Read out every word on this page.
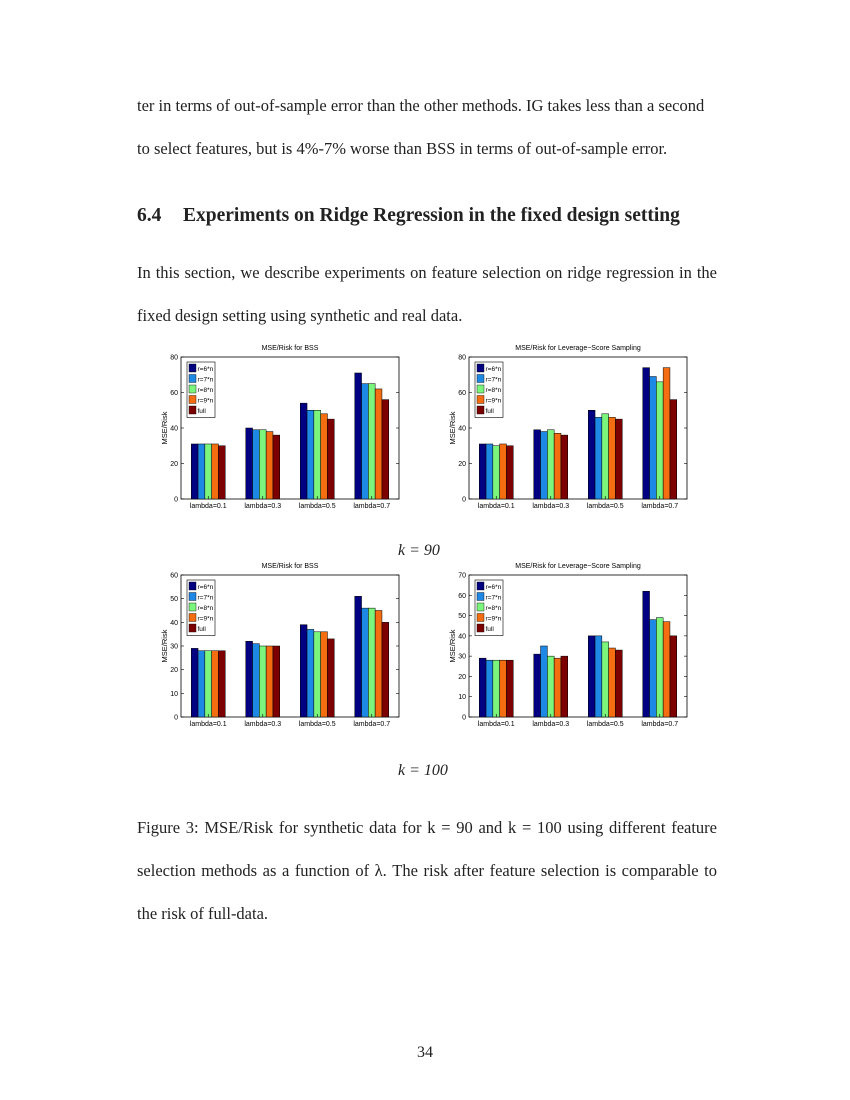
ter in terms of out-of-sample error than the other methods. IG takes less than a second
to select features, but is 4%-7% worse than BSS in terms of out-of-sample error.

6.4 Experiments on Ridge Regression in the fixed design setting

In this section, we describe experiments on feature selection on ridge regression in the fixed design setting using synthetic and real data.

MSE/Risk for BSS
MSE/Risk
0
20
40
60
80
lambda=0.1	lambda=0.3	lambda=0.5	lambda=0.7
r=6*n
r=7*n
r=8*n
r=9*n
full
MSE/Risk for Leverage−Score Sampling
MSE/Risk
0
20
40
60
80
lambda=0.1	lambda=0.3	lambda=0.5	lambda=0.7
r=6*n
r=7*n
r=8*n
r=9*n
full
k = 90
MSE/Risk for BSS
MSE/Risk
0
10
20
30
40
50
60
lambda=0.1	lambda=0.3	lambda=0.5	lambda=0.7
r=6*n
r=7*n
r=8*n
r=9*n
full
MSE/Risk for Leverage−Score Sampling
MSE/Risk
0
10
20
30
40
50
60
70
lambda=0.1	lambda=0.3	lambda=0.5	lambda=0.7
r=6*n
r=7*n
r=8*n
r=9*n
full
k = 100

Figure 3: MSE/Risk for synthetic data for k = 90 and k = 100 using different feature selection methods as a function of λ. The risk after feature selection is comparable to the risk of full-data.

34
